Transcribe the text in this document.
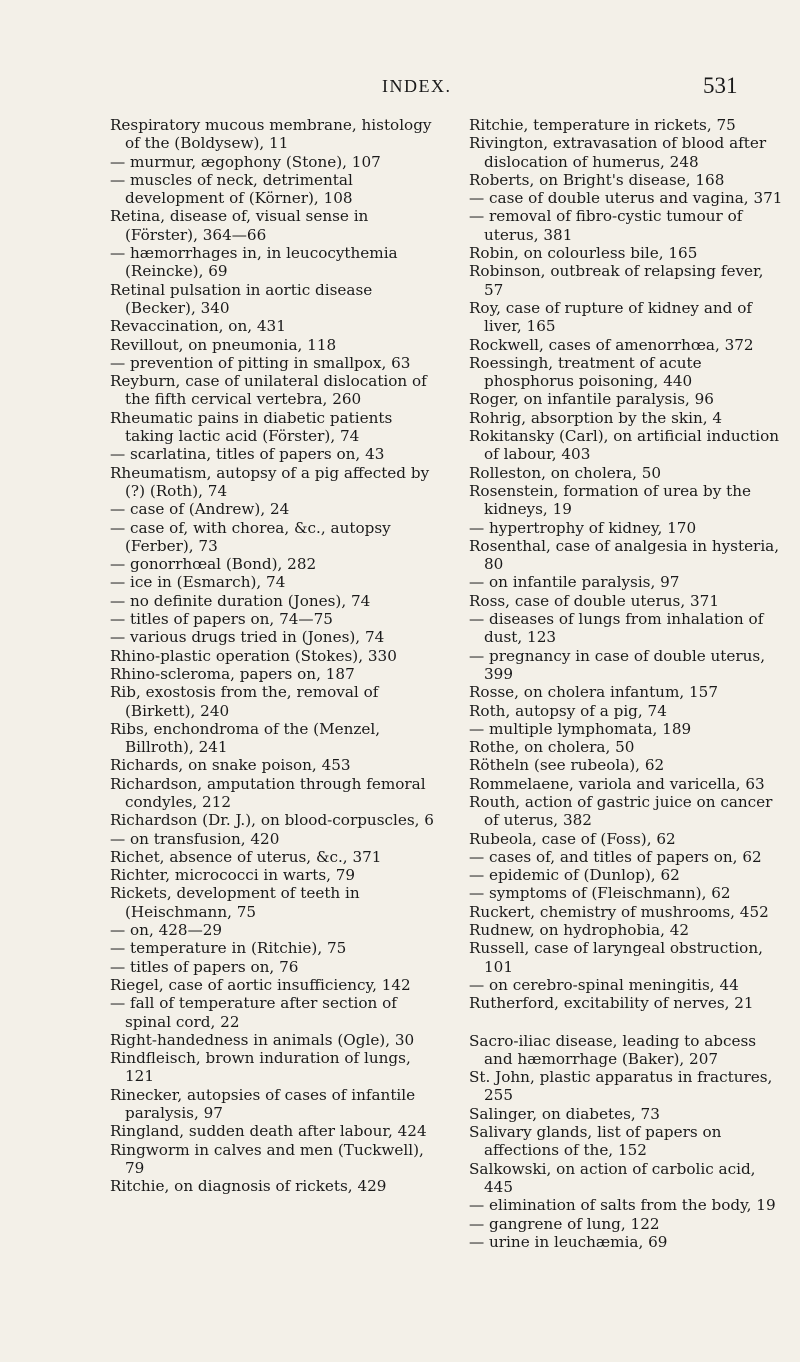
INDEX.	531

Respiratory mucous membrane, histology of the (Boldysew), 11

— murmur, ægophony (Stone), 107

— muscles of neck, detrimental development of (Körner), 108

Retina, disease of, visual sense in (Förster), 364—66

— hæmorrhages in, in leucocythemia (Reincke), 69

Retinal pulsation in aortic disease (Becker), 340

Revaccination, on, 431

Revillout, on pneumonia, 118

— prevention of pitting in smallpox, 63

Reyburn, case of unilateral dislocation of the fifth cervical vertebra, 260

Rheumatic pains in diabetic patients taking lactic acid (Förster), 74

— scarlatina, titles of papers on, 43

Rheumatism, autopsy of a pig affected by (?) (Roth), 74

— case of (Andrew), 24

— case of, with chorea, &c., autopsy (Ferber), 73

— gonorrhœal (Bond), 282

— ice in (Esmarch), 74

— no definite duration (Jones), 74

— titles of papers on, 74—75

— various drugs tried in (Jones), 74

Rhino-plastic operation (Stokes), 330

Rhino-scleroma, papers on, 187

Rib, exostosis from the, removal of (Birkett), 240

Ribs, enchondroma of the (Menzel, Billroth), 241

Richards, on snake poison, 453

Richardson, amputation through femoral condyles, 212

Richardson (Dr. J.), on blood-corpuscles, 6

— on transfusion, 420

Richet, absence of uterus, &c., 371

Richter, micrococci in warts, 79

Rickets, development of teeth in (Heischmann, 75

— on, 428—29

— temperature in (Ritchie), 75

— titles of papers on, 76

Riegel, case of aortic insufficiency, 142

— fall of temperature after section of spinal cord, 22

Right-handedness in animals (Ogle), 30

Rindfleisch, brown induration of lungs, 121

Rinecker, autopsies of cases of infantile paralysis, 97

Ringland, sudden death after labour, 424

Ringworm in calves and men (Tuckwell), 79

Ritchie, on diagnosis of rickets, 429

Ritchie, temperature in rickets, 75

Rivington, extravasation of blood after dislocation of humerus, 248

Roberts, on Bright's disease, 168

— case of double uterus and vagina, 371

— removal of fibro-cystic tumour of uterus, 381

Robin, on colourless bile, 165

Robinson, outbreak of relapsing fever, 57

Roy, case of rupture of kidney and of liver, 165

Rockwell, cases of amenorrhœa, 372

Roessingh, treatment of acute phosphorus poisoning, 440

Roger, on infantile paralysis, 96

Rohrig, absorption by the skin, 4

Rokitansky (Carl), on artificial induction of labour, 403

Rolleston, on cholera, 50

Rosenstein, formation of urea by the kidneys, 19

— hypertrophy of kidney, 170

Rosenthal, case of analgesia in hysteria, 80

— on infantile paralysis, 97

Ross, case of double uterus, 371

— diseases of lungs from inhalation of dust, 123

— pregnancy in case of double uterus, 399

Rosse, on cholera infantum, 157

Roth, autopsy of a pig, 74

— multiple lymphomata, 189

Rothe, on cholera, 50

Rötheln (see rubeola), 62

Rommelaene, variola and varicella, 63

Routh, action of gastric juice on cancer of uterus, 382

Rubeola, case of (Foss), 62

— cases of, and titles of papers on, 62

— epidemic of (Dunlop), 62

— symptoms of (Fleischmann), 62

Ruckert, chemistry of mushrooms, 452

Rudnew, on hydrophobia, 42

Russell, case of laryngeal obstruction, 101

— on cerebro-spinal meningitis, 44

Rutherford, excitability of nerves, 21

Sacro-iliac disease, leading to abcess and hæmorrhage (Baker), 207

St. John, plastic apparatus in fractures, 255

Salinger, on diabetes, 73

Salivary glands, list of papers on affections of the, 152

Salkowski, on action of carbolic acid, 445

— elimination of salts from the body, 19

— gangrene of lung, 122

— urine in leuchæmia, 69
